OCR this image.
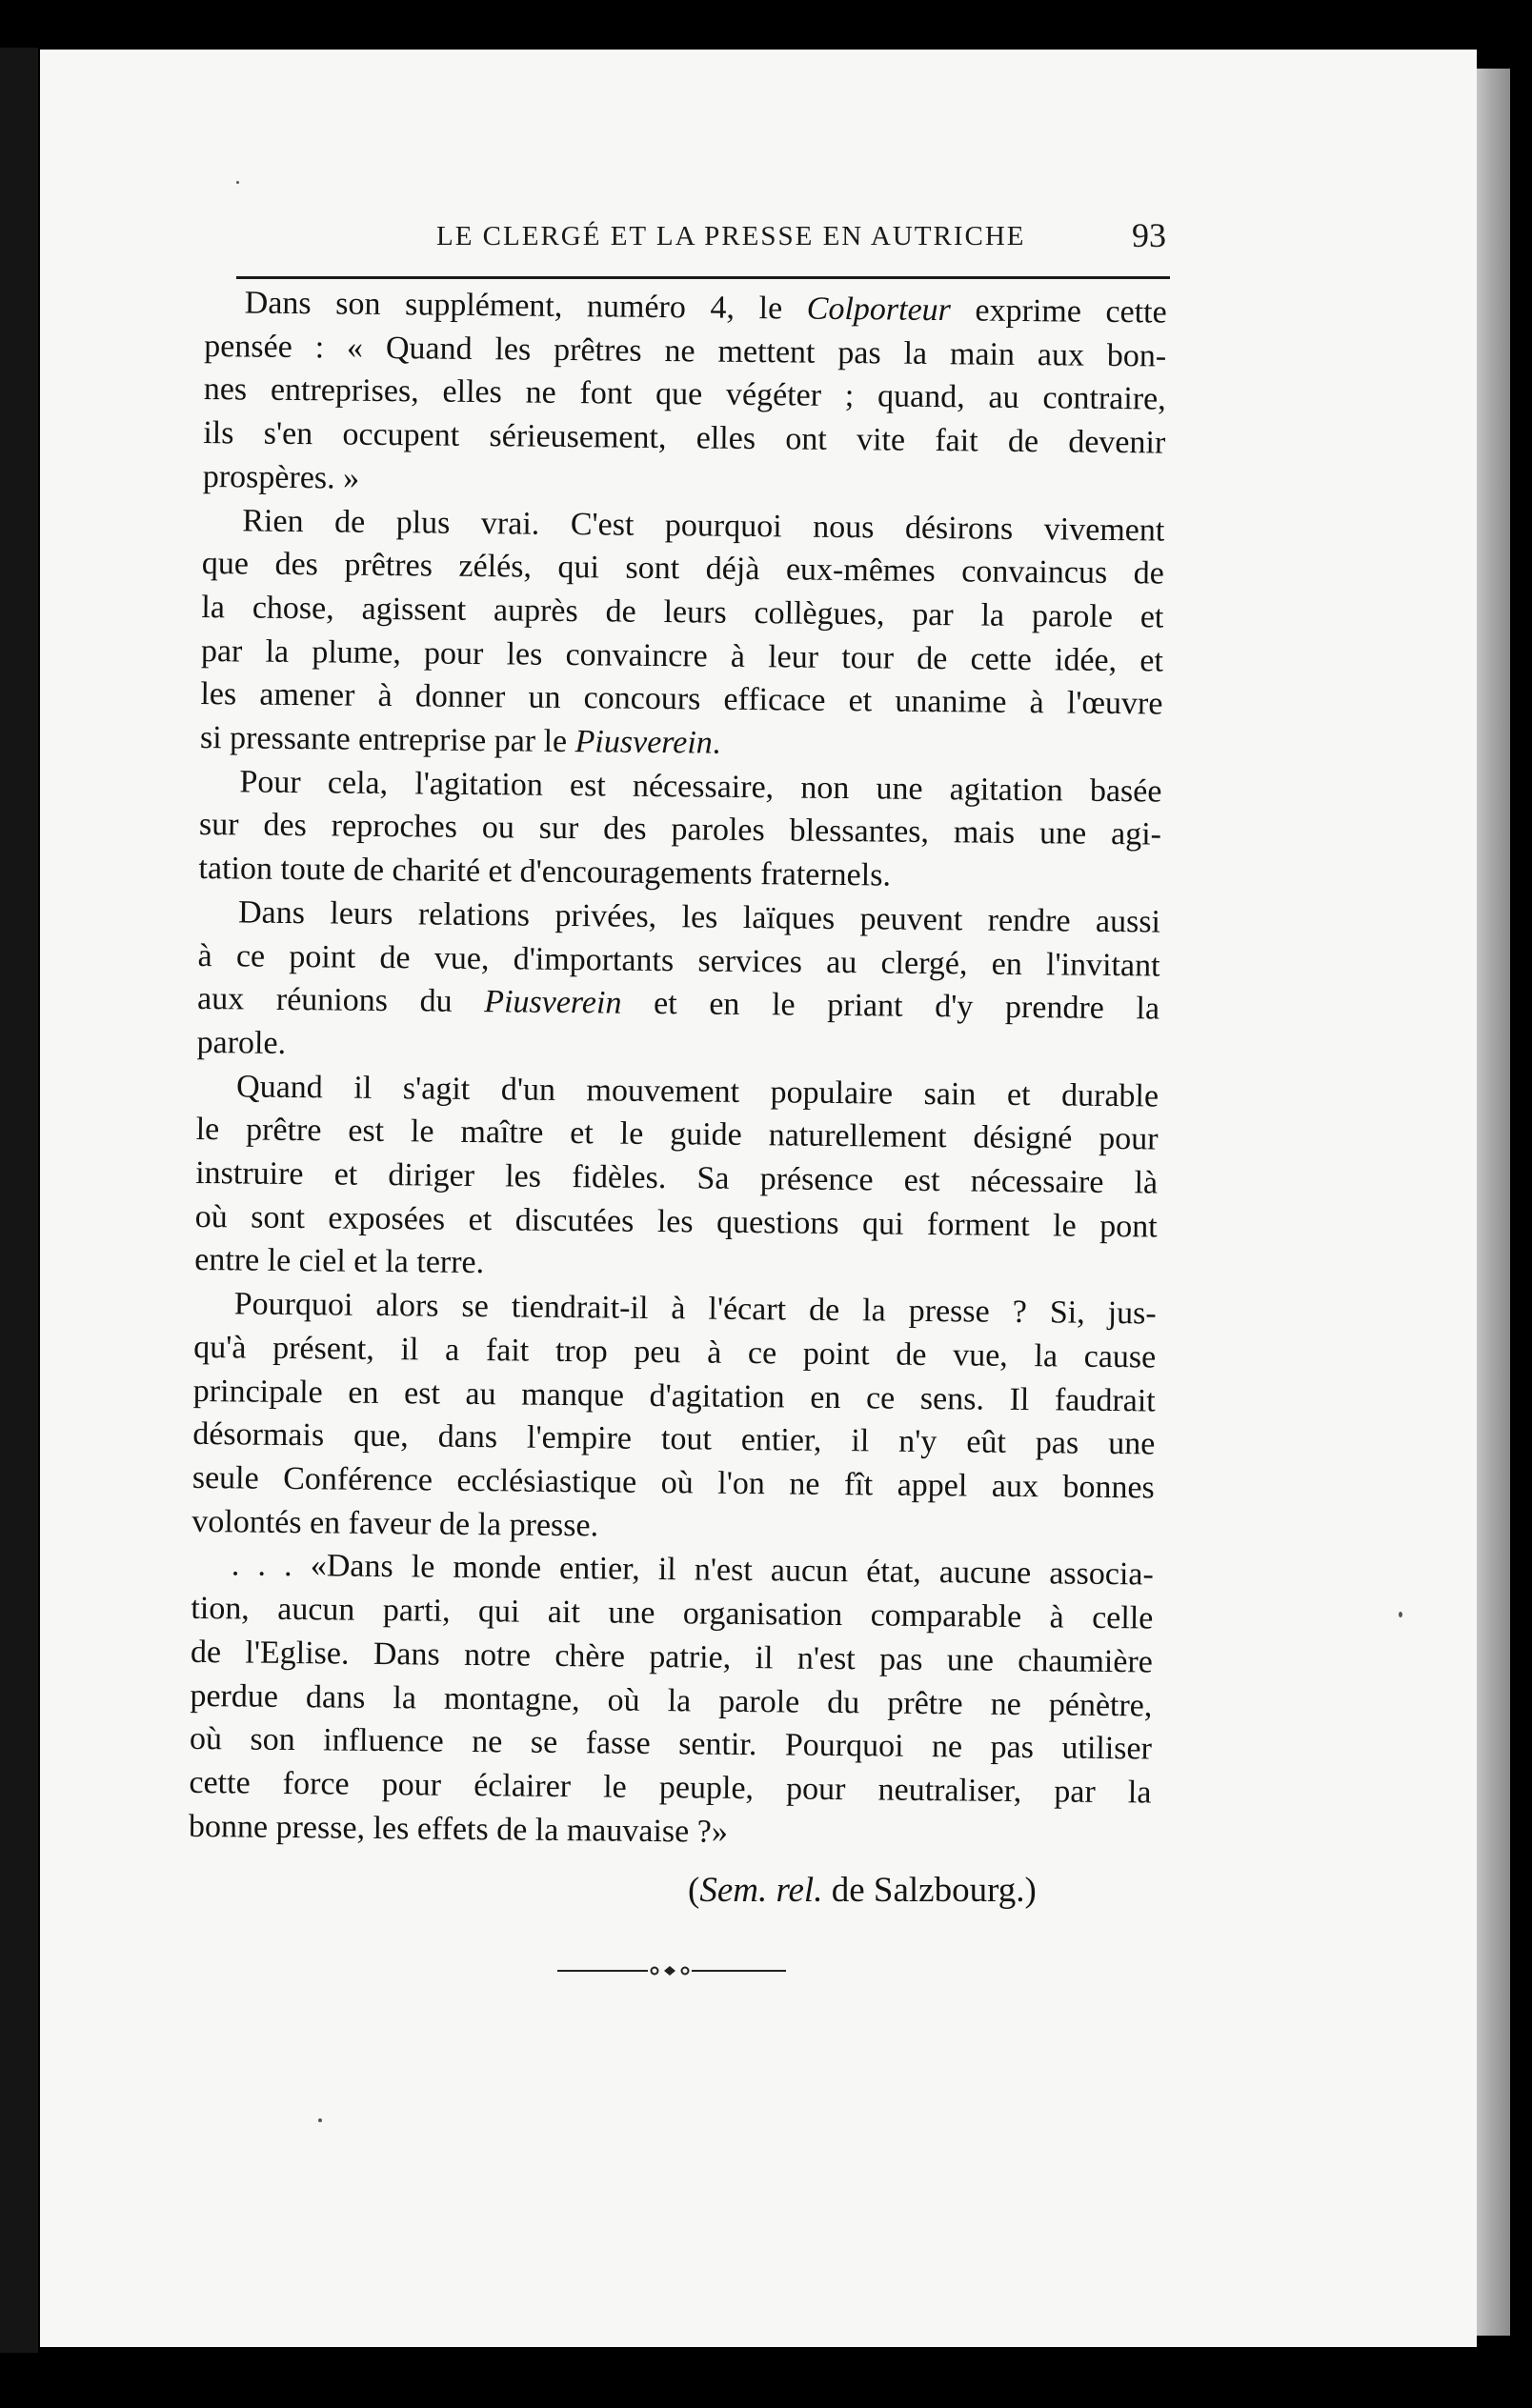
LE CLERGÉ ET LA PRESSE EN AUTRICHE	93

Dans son supplément, numéro 4, le Colporteur exprime cette
pensée : « Quand les prêtres ne mettent pas la main aux bon-
nes entreprises, elles ne font que végéter ; quand, au contraire,
ils s'en occupent sérieusement, elles ont vite fait de devenir
prospères. »

Rien de plus vrai. C'est pourquoi nous désirons vivement
que des prêtres zélés, qui sont déjà eux-mêmes convaincus de
la chose, agissent auprès de leurs collègues, par la parole et
par la plume, pour les convaincre à leur tour de cette idée, et
les amener à donner un concours efficace et unanime à l'œuvre
si pressante entreprise par le Piusverein.

Pour cela, l'agitation est nécessaire, non une agitation basée
sur des reproches ou sur des paroles blessantes, mais une agi-
tation toute de charité et d'encouragements fraternels.

Dans leurs relations privées, les laïques peuvent rendre aussi
à ce point de vue, d'importants services au clergé, en l'invitant
aux réunions du Piusverein et en le priant d'y prendre la
parole.

Quand il s'agit d'un mouvement populaire sain et durable
le prêtre est le maître et le guide naturellement désigné pour
instruire et diriger les fidèles. Sa présence est nécessaire là
où sont exposées et discutées les questions qui forment le pont
entre le ciel et la terre.

Pourquoi alors se tiendrait-il à l'écart de la presse ? Si, jus-
qu'à présent, il a fait trop peu à ce point de vue, la cause
principale en est au manque d'agitation en ce sens. Il faudrait
désormais que, dans l'empire tout entier, il n'y eût pas une
seule Conférence ecclésiastique où l'on ne fît appel aux bonnes
volontés en faveur de la presse.

. . . «Dans le monde entier, il n'est aucun état, aucune associa-
tion, aucun parti, qui ait une organisation comparable à celle
de l'Eglise. Dans notre chère patrie, il n'est pas une chaumière
perdue dans la montagne, où la parole du prêtre ne pénètre,
où son influence ne se fasse sentir. Pourquoi ne pas utiliser
cette force pour éclairer le peuple, pour neutraliser, par la
bonne presse, les effets de la mauvaise ?»

(Sem. rel. de Salzbourg.)
